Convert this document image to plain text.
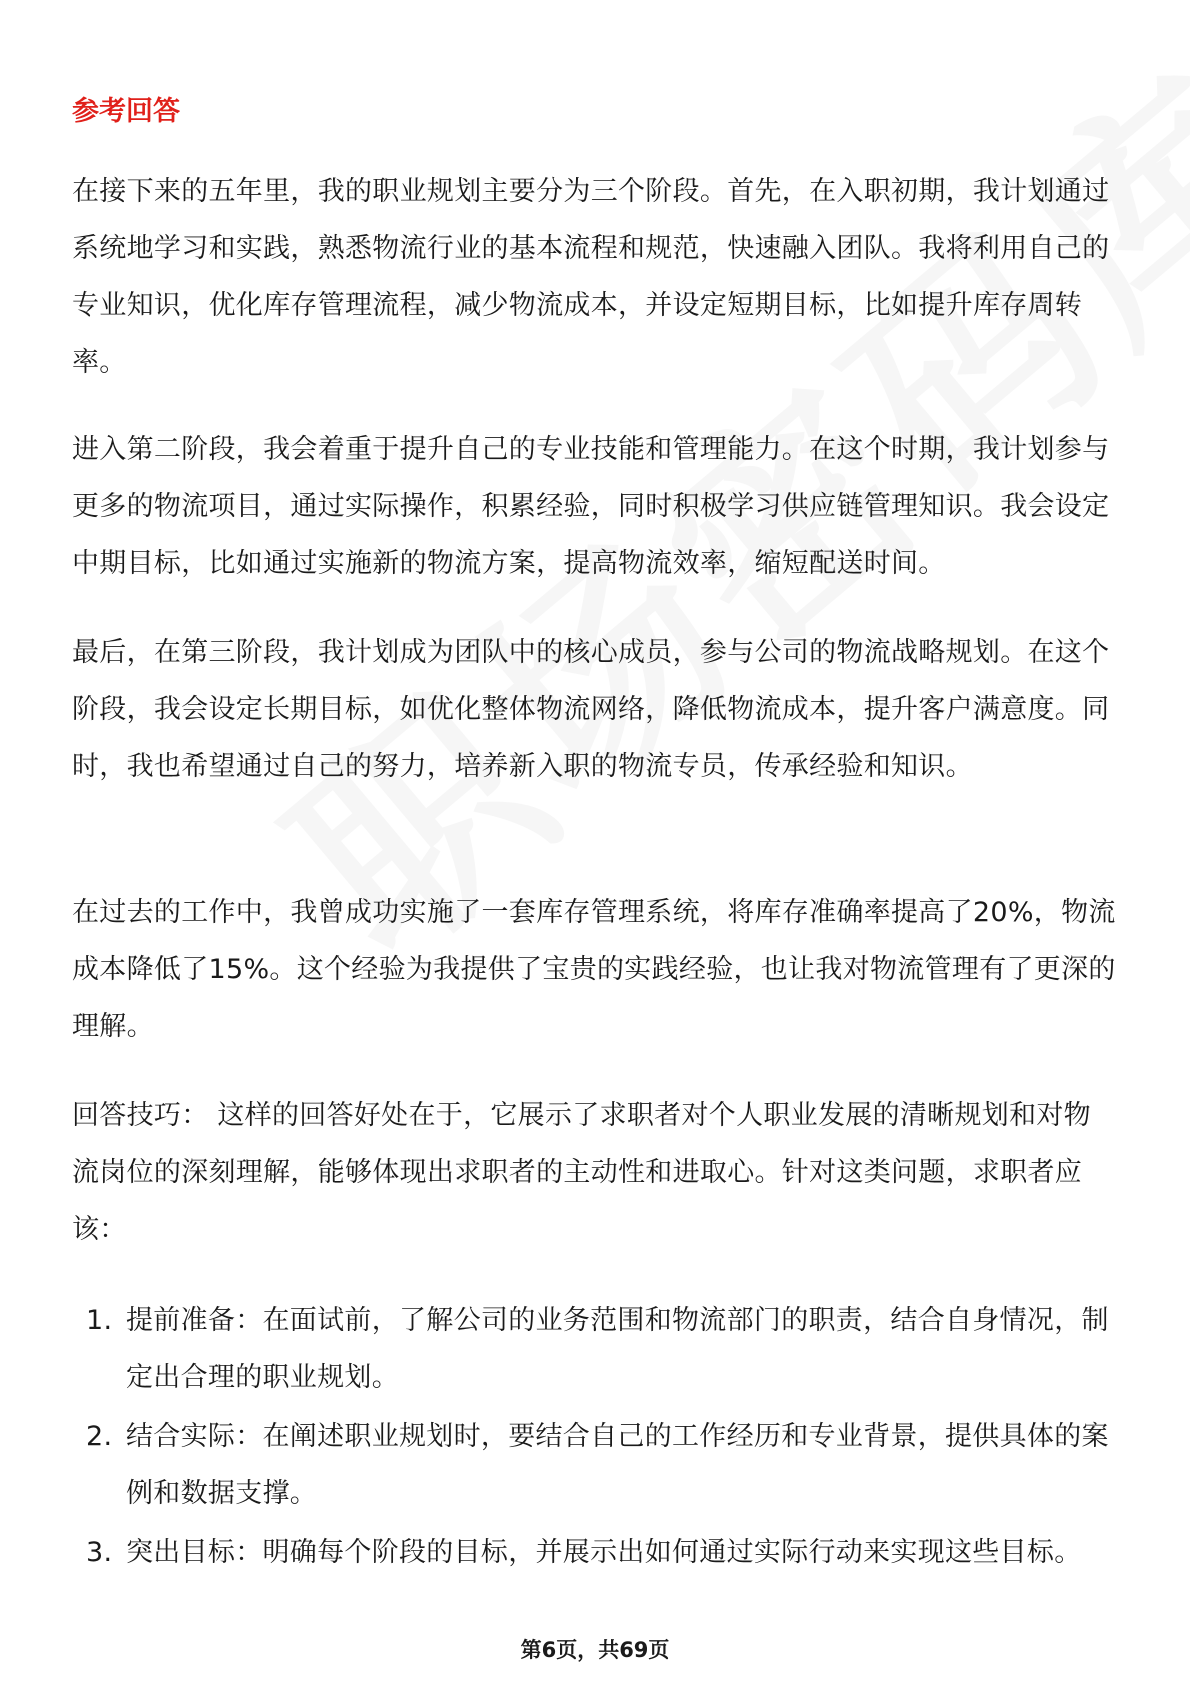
参考回答

在接下来的五年里，我的职业规划主要分为三个阶段。首先，在入职初期，我计划通过系统地学习和实践，熟悉物流行业的基本流程和规范，快速融入团队。我将利用自己的专业知识，优化库存管理流程，减少物流成本，并设定短期目标，比如提升库存周转率。

进入第二阶段，我会着重于提升自己的专业技能和管理能力。在这个时期，我计划参与更多的物流项目，通过实际操作，积累经验，同时积极学习供应链管理知识。我会设定中期目标，比如通过实施新的物流方案，提高物流效率，缩短配送时间。

最后，在第三阶段，我计划成为团队中的核心成员，参与公司的物流战略规划。在这个阶段，我会设定长期目标，如优化整体物流网络，降低物流成本，提升客户满意度。同时，我也希望通过自己的努力，培养新入职的物流专员，传承经验和知识。

在过去的工作中，我曾成功实施了一套库存管理系统，将库存准确率提高了20%，物流成本降低了15%。这个经验为我提供了宝贵的实践经验，也让我对物流管理有了更深的理解。

回答技巧： 这样的回答好处在于，它展示了求职者对个人职业发展的清晰规划和对物流岗位的深刻理解，能够体现出求职者的主动性和进取心。针对这类问题，求职者应该：

1. 提前准备：在面试前，了解公司的业务范围和物流部门的职责，结合自身情况，制定出合理的职业规划。
2. 结合实际：在阐述职业规划时，要结合自己的工作经历和专业背景，提供具体的案例和数据支撑。
3. 突出目标：明确每个阶段的目标，并展示出如何通过实际行动来实现这些目标。
第6页，共69页
